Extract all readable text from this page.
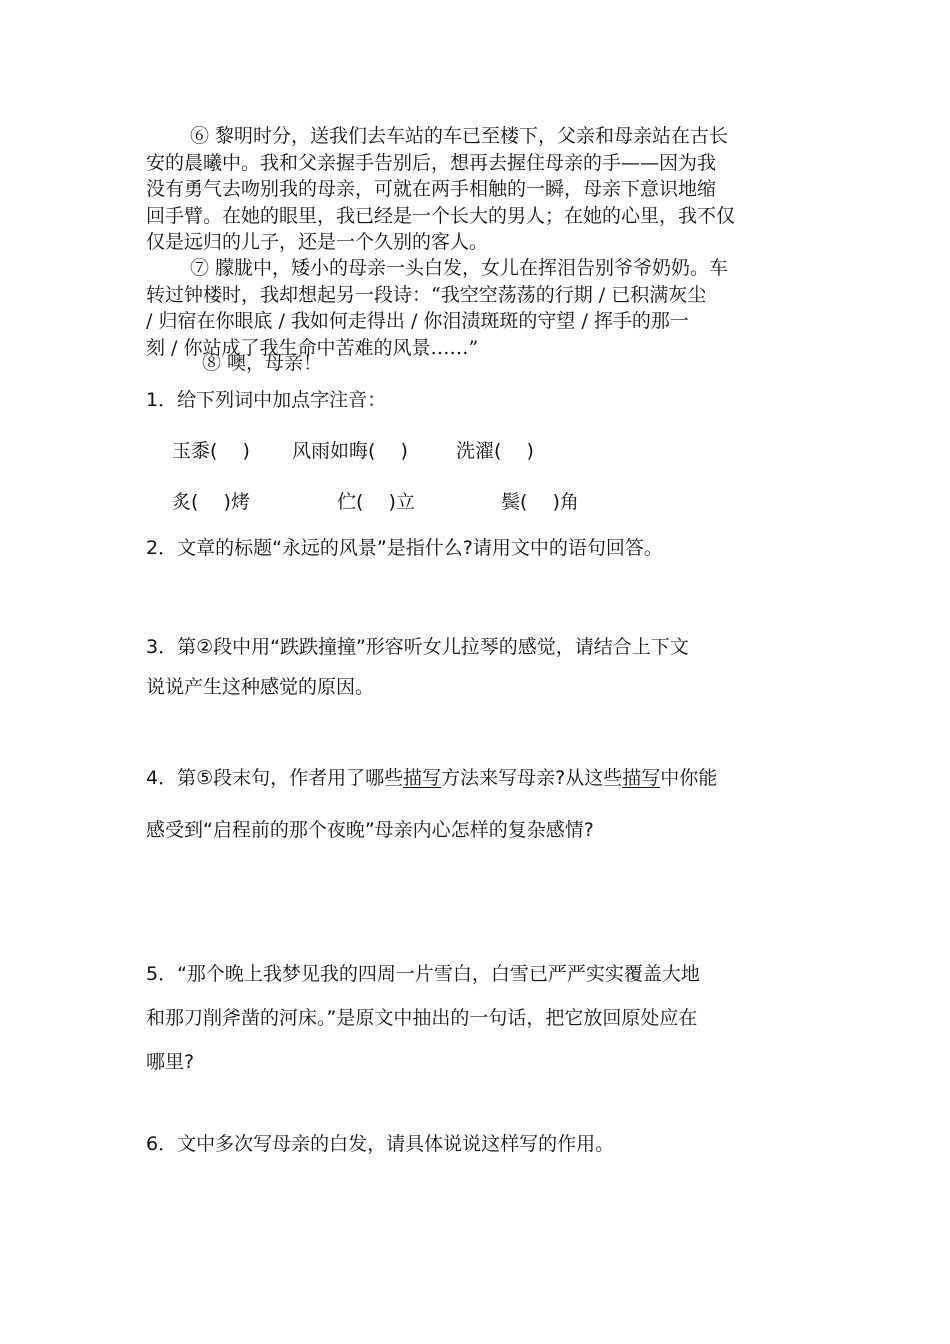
⑥ 黎明时分，送我们去车站的车已至楼下，父亲和母亲站在古长
安的晨曦中。我和父亲握手告别后，想再去握住母亲的手——因为我
没有勇气去吻别我的母亲，可就在两手相触的一瞬，母亲下意识地缩
回手臂。在她的眼里，我已经是一个长大的男人；在她的心里，我不仅
仅是远归的儿子，还是一个久别的客人。
⑦ 朦胧中，矮小的母亲一头白发，女儿在挥泪告别爷爷奶奶。车
转过钟楼时，我却想起另一段诗：“我空空荡荡的行期 / 已积满灰尘
/ 归宿在你眼底 / 我如何走得出 / 你泪渍斑斑的守望 / 挥手的那一
刻 / 你站成了我生命中苦难的风景……”
⑧ 噢，母亲！
1．给下列词中加点字注音：
玉黍(　 ) 风雨如晦(　 )	洗濯(　 )
炙(　 )烤	伫(　 )立	鬓(　 )角
2．文章的标题“永远的风景”是指什么?请用文中的语句回答。
3．第②段中用“跌跌撞撞”形容听女儿拉琴的感觉，请结合上下文
说说产生这种感觉的原因。
4．第⑤段末句，作者用了哪些描写方法来写母亲?从这些描写中你能
感受到“启程前的那个夜晚”母亲内心怎样的复杂感情?
5．“那个晚上我梦见我的四周一片雪白，白雪已严严实实覆盖大地
和那刀削斧凿的河床。”是原文中抽出的一句话，把它放回原处应在
哪里?
6．文中多次写母亲的白发，请具体说说这样写的作用。
